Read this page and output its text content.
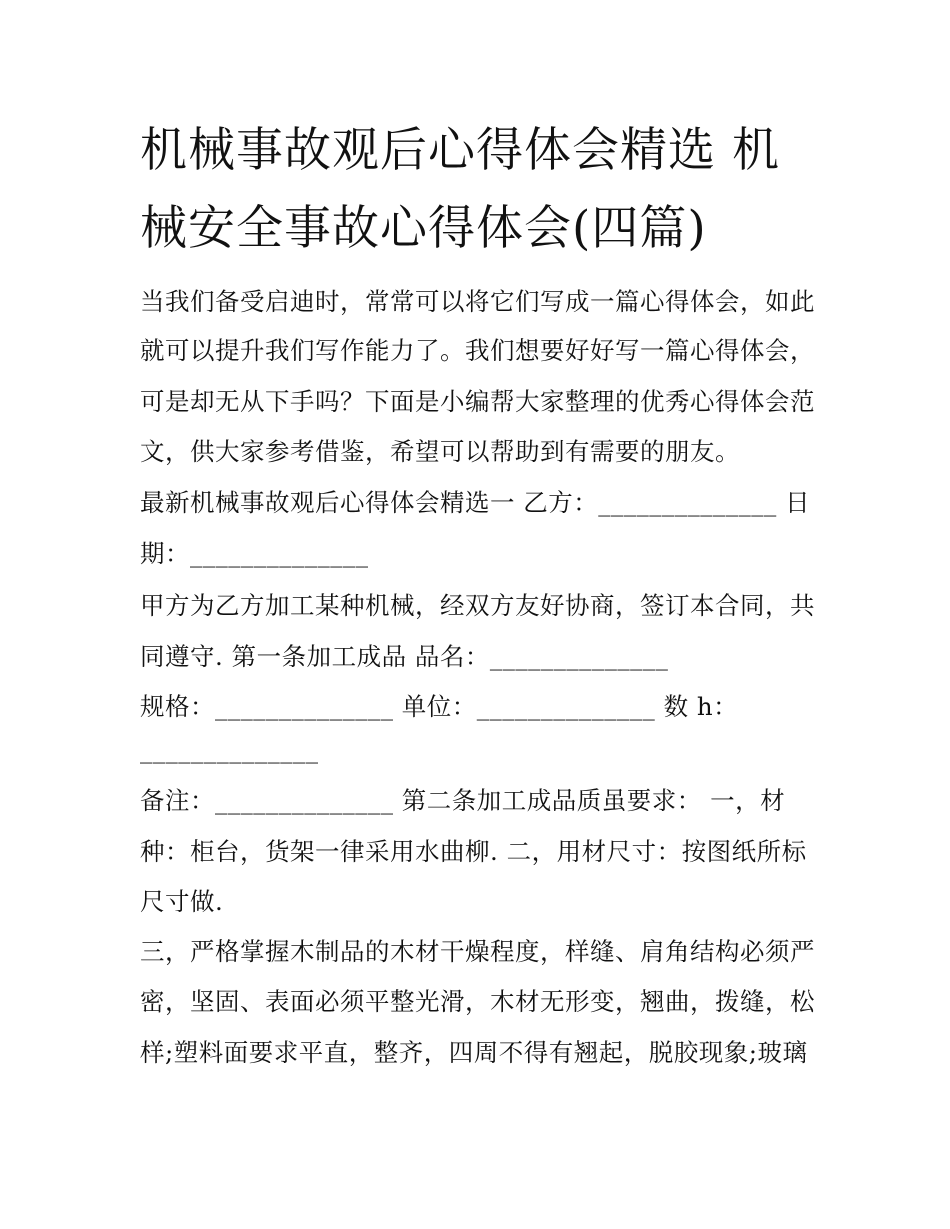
机械事故观后心得体会精选 机
械安全事故心得体会(四篇)

当我们备受启迪时，常常可以将它们写成一篇心得体会，如此

就可以提升我们写作能力了。我们想要好好写一篇心得体会，

可是却无从下手吗？下面是小编帮大家整理的优秀心得体会范

文，供大家参考借鉴，希望可以帮助到有需要的朋友。

最新机械事故观后心得体会精选一 乙方：______________ 日

期：______________

甲方为乙方加工某种机械，经双方友好协商，签订本合同，共

同遵守. 第一条加工成品 品名：______________

规格：______________ 单位：______________ 数 h：

______________

备注：______________ 第二条加工成品质虽要求： 一，材

种：柜台，货架一律采用水曲柳. 二，用材尺寸：按图纸所标

尺寸做.

三，严格掌握木制品的木材干燥程度，样缝、肩角结构必须严

密，坚固、表面必须平整光滑，木材无形变，翘曲，拨缝，松

样;塑料面要求平直，整齐，四周不得有翘起，脱胶现象;玻璃
